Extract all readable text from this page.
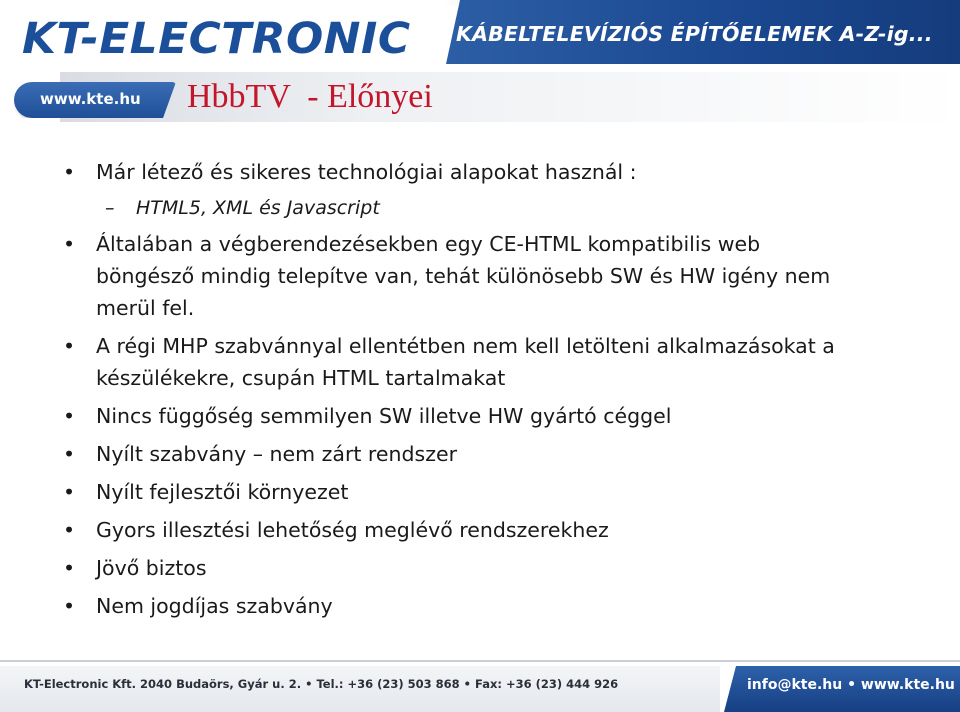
KT-ELECTRONIC KÁBELTELEVÍZIÓS ÉPÍTŐELEMEK A-Z-ig...
www.kte.hu HbbTV  - Előnyei
• Már létező és sikeres technológiai alapokat használ :
– HTML5, XML és Javascript
• Általában a végberendezésekben egy CE-HTML kompatibilis web
böngésző mindig telepítve van, tehát különösebb SW és HW igény nem
merül fel.
• A régi MHP szabvánnyal ellentétben nem kell letölteni alkalmazásokat a
készülékekre, csupán HTML tartalmakat
• Nincs függőség semmilyen SW illetve HW gyártó céggel
• Nyílt szabvány – nem zárt rendszer
• Nyílt fejlesztői környezet
• Gyors illesztési lehetőség meglévő rendszerekhez
• Jövő biztos
• Nem jogdíjas szabvány
KT-Electronic Kft. 2040 Budaörs, Gyár u. 2. • Tel.: +36 (23) 503 868 • Fax: +36 (23) 444 926	info@kte.hu • www.kte.hu
